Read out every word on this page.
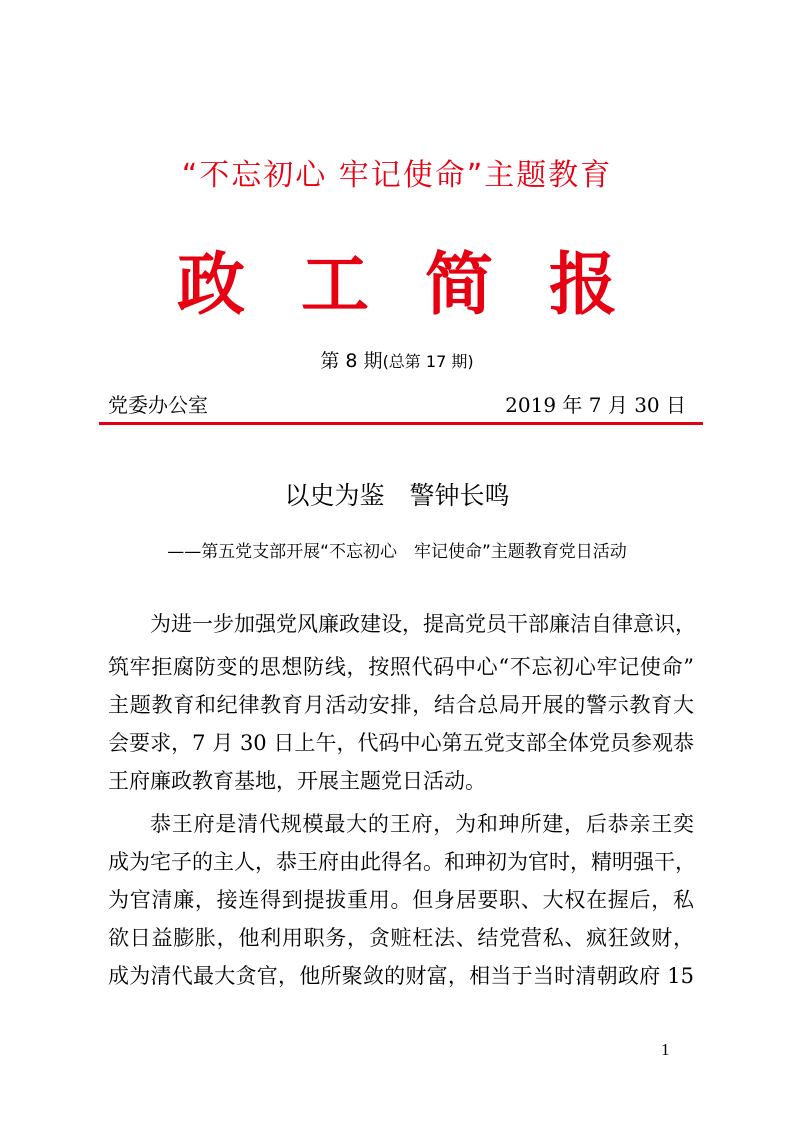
“不忘初心 牢记使命”主题教育
政工简报
第 8 期(总第 17 期)
党委办公室	2019 年 7 月 30 日
以史为鉴　警钟长鸣
——第五党支部开展“不忘初心　牢记使命”主题教育党日活动
为进一步加强党风廉政建设，提高党员干部廉洁自律意识，
筑牢拒腐防变的思想防线，按照代码中心“不忘初心牢记使命”
主题教育和纪律教育月活动安排，结合总局开展的警示教育大
会要求，7 月 30 日上午，代码中心第五党支部全体党员参观恭
王府廉政教育基地，开展主题党日活动。
恭王府是清代规模最大的王府，为和珅所建，后恭亲王奕
成为宅子的主人，恭王府由此得名。和珅初为官时，精明强干，
为官清廉，接连得到提拔重用。但身居要职、大权在握后，私
欲日益膨胀，他利用职务，贪赃枉法、结党营私、疯狂敛财，
成为清代最大贪官，他所聚敛的财富，相当于当时清朝政府 15
1
